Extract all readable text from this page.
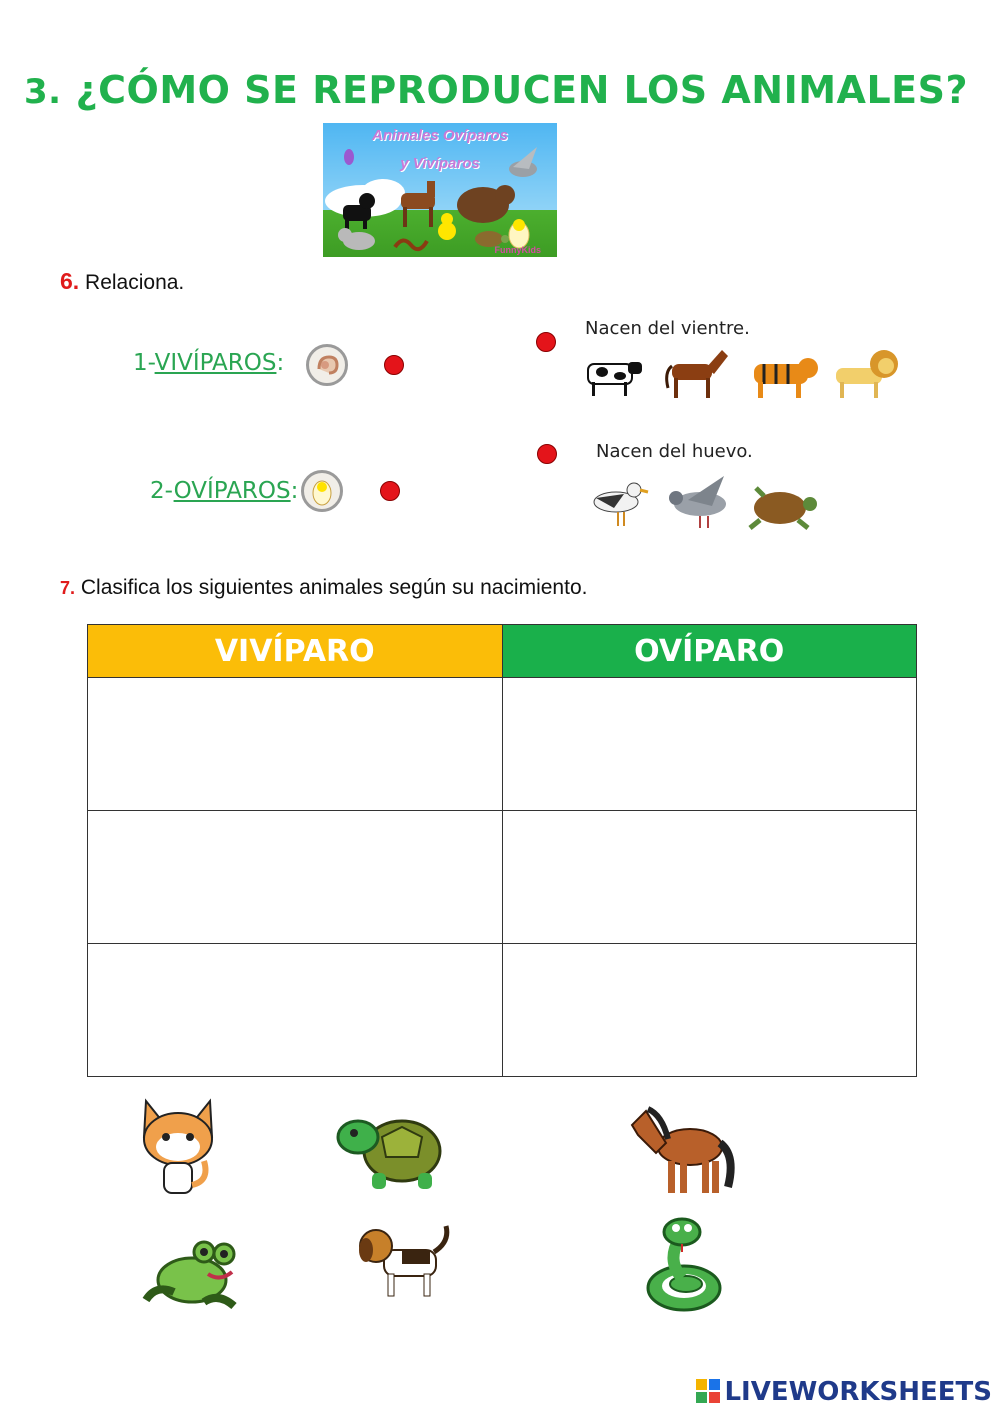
3. ¿CÓMO SE REPRODUCEN LOS ANIMALES?
Animales Ovíparos
y Vivíparos
FunnyKids
6. Relaciona.
1-VIVÍPAROS:
2-OVÍPAROS:
Nacen del vientre.
Nacen del huevo.
7. Clasifica los siguientes animales según su nacimiento.
VIVÍPARO	OVÍPARO

LIVEWORKSHEETS
